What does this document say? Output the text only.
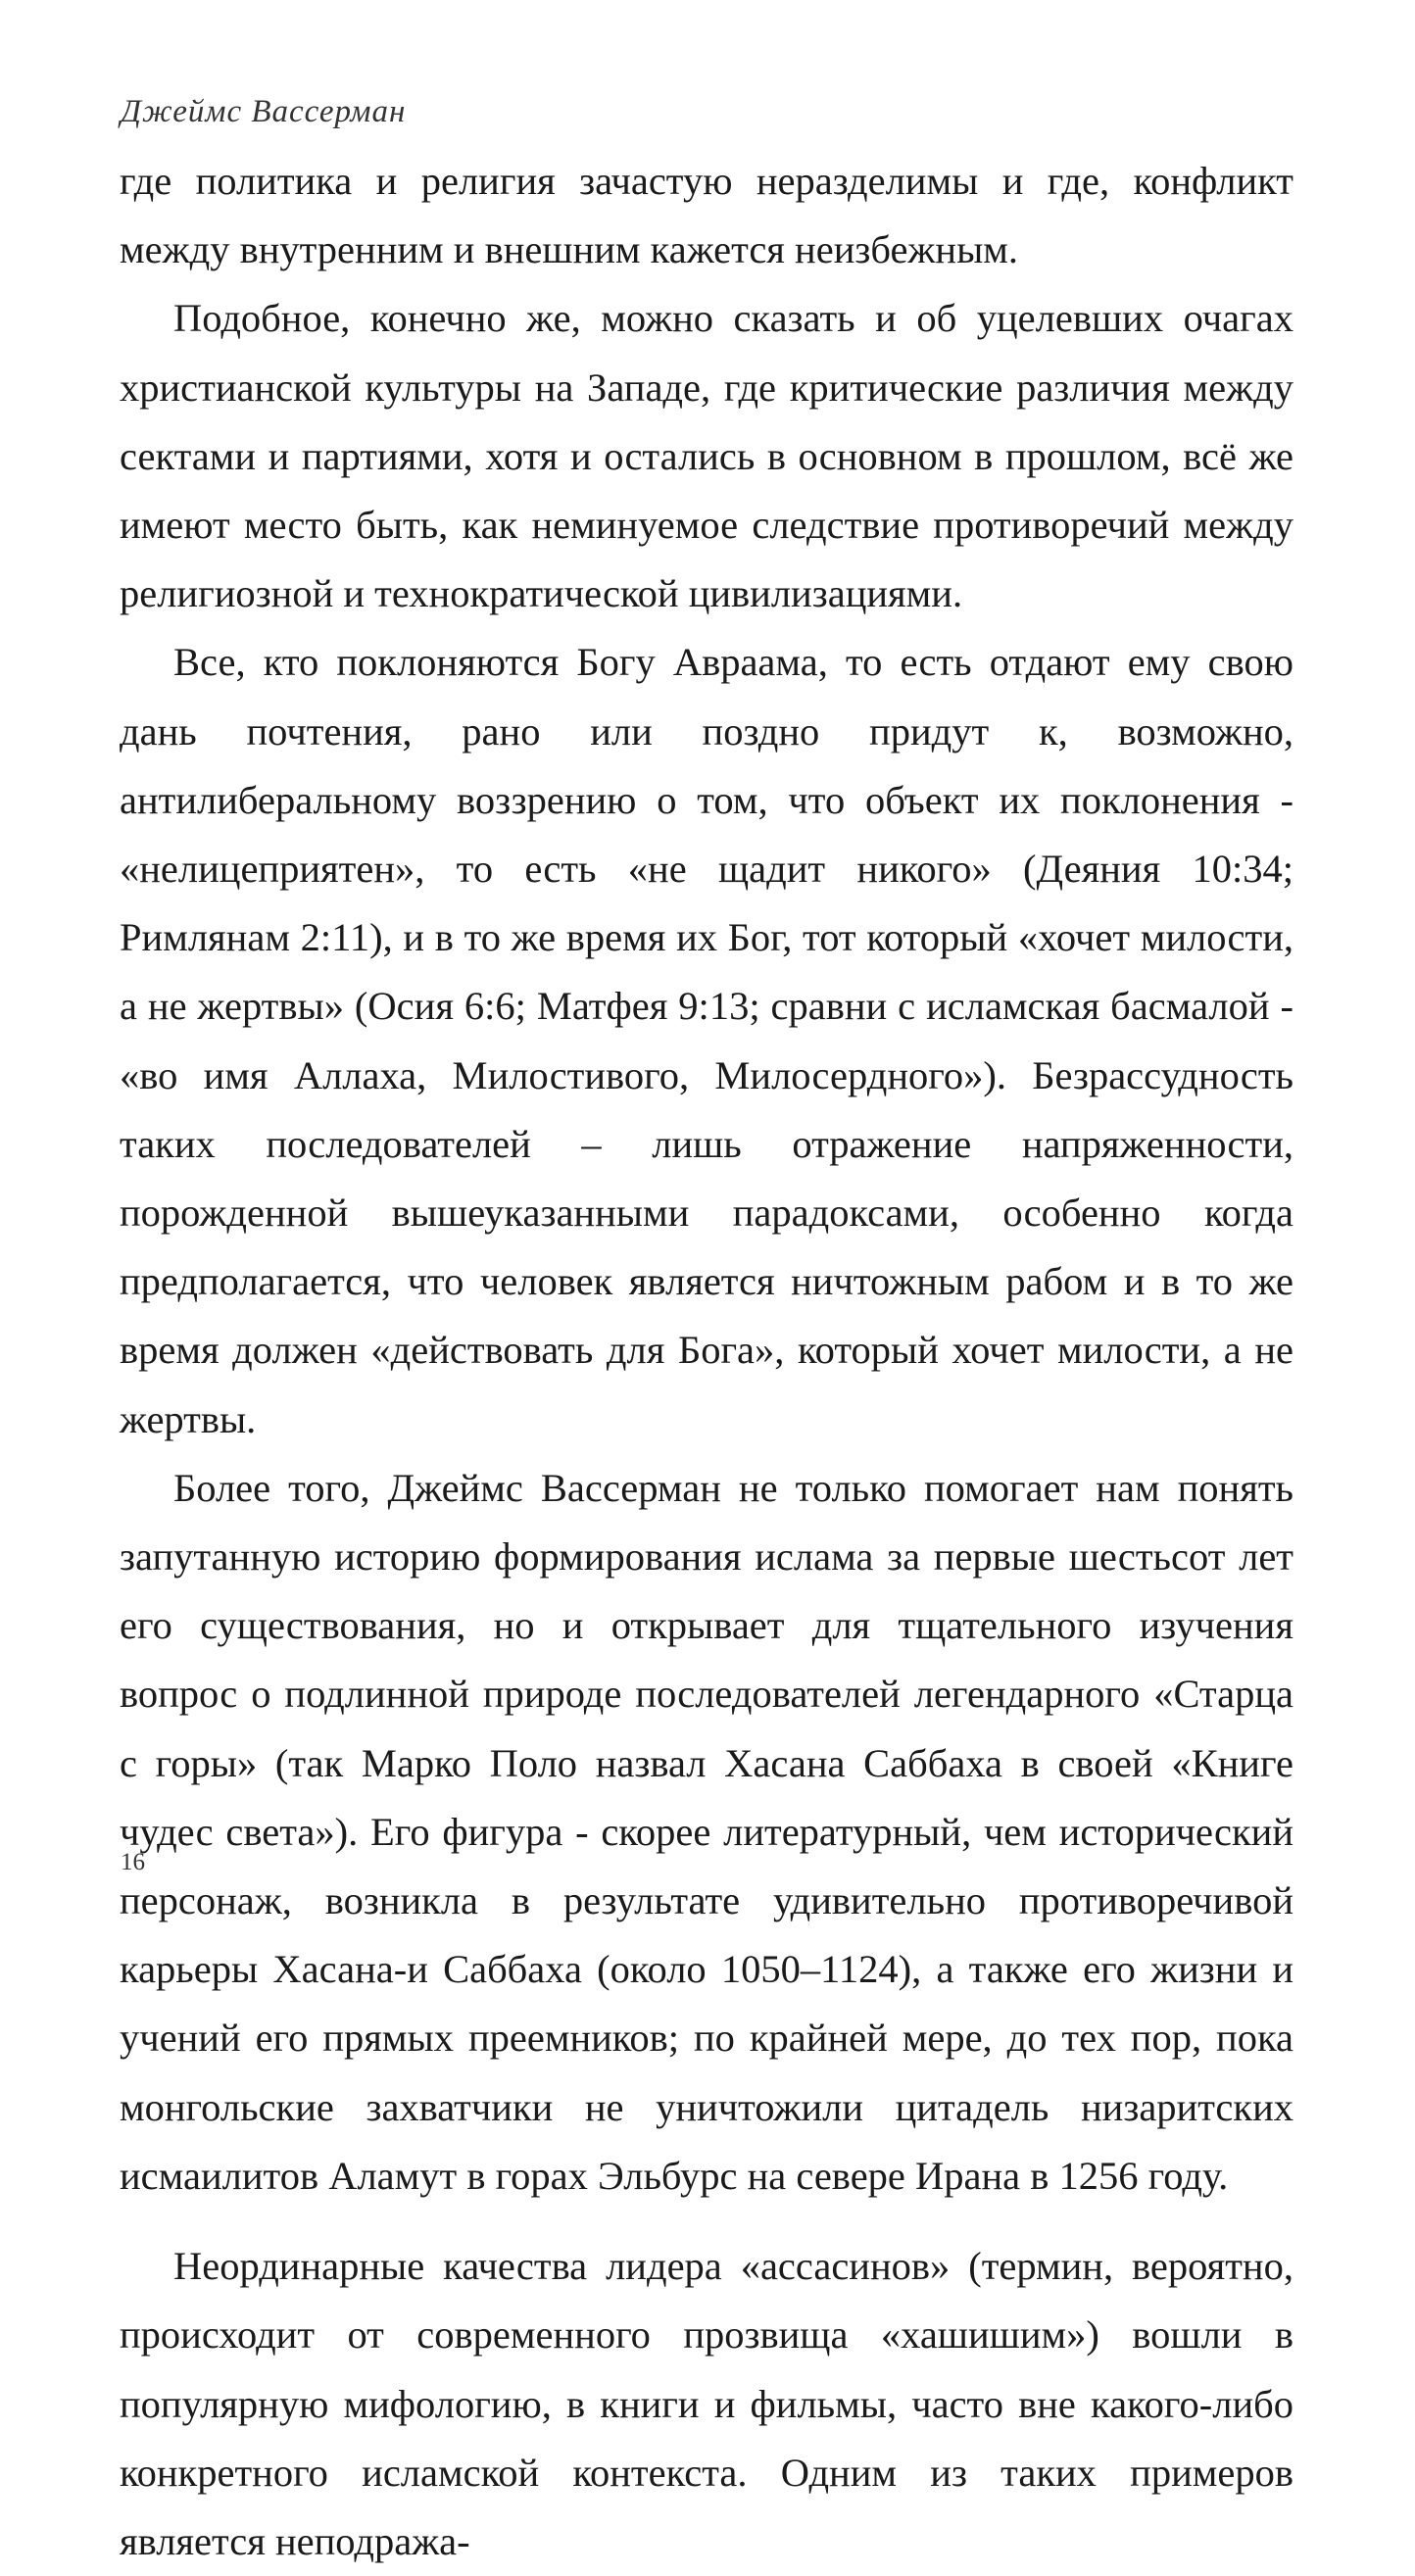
Джеймс Вассерман

где политика и религия зачастую неразделимы и где, конфликт между внутренним и внешним кажется неизбежным.

Подобное, конечно же, можно сказать и об уцелевших очагах христианской культуры на Западе, где критические различия между сектами и партиями, хотя и остались в основном в прошлом, всё же имеют место быть, как неминуемое следствие противоречий между религиозной и технократической цивилизациями.

Все, кто поклоняются Богу Авраама, то есть отдают ему свою дань почтения, рано или поздно придут к, возможно, антилиберальному воззрению о том, что объект их поклонения - «нелицеприятен», то есть «не щадит никого» (Деяния 10:34; Римлянам 2:11), и в то же время их Бог, тот который «хочет милости, а не жертвы» (Осия 6:6; Матфея 9:13; сравни с исламская басмалой - «во имя Аллаха, Милостивого, Милосердного»). Безрассудность таких последователей – лишь отражение напряженности, порожденной вышеуказанными парадоксами, особенно когда предполагается, что человек является ничтожным рабом и в то же время должен «действовать для Бога», который хочет милости, а не жертвы.

Более того, Джеймс Вассерман не только помогает нам понять запутанную историю формирования ислама за первые шестьсот лет его существования, но и открывает для тщательного изучения вопрос о подлинной природе последователей легендарного «Старца с горы» (так Марко Поло назвал Хасана Саббаха в своей «Книге чудес света»). Его фигура - скорее литературный, чем исторический персонаж, возникла в результате удивительно противоречивой карьеры Хасана-и Саббаха (около 1050–1124), а также его жизни и учений его прямых преемников; по крайней мере, до тех пор, пока монгольские захватчики не уничтожили цитадель низаритских исмаилитов Аламут в горах Эльбурс на севере Ирана в 1256 году.

Неординарные качества лидера «ассасинов» (термин, вероятно, происходит от современного прозвища «хашишим») вошли в популярную мифологию, в книги и фильмы, часто вне какого-либо конкретного исламской контекста. Одним из таких примеров является неподража-

16
